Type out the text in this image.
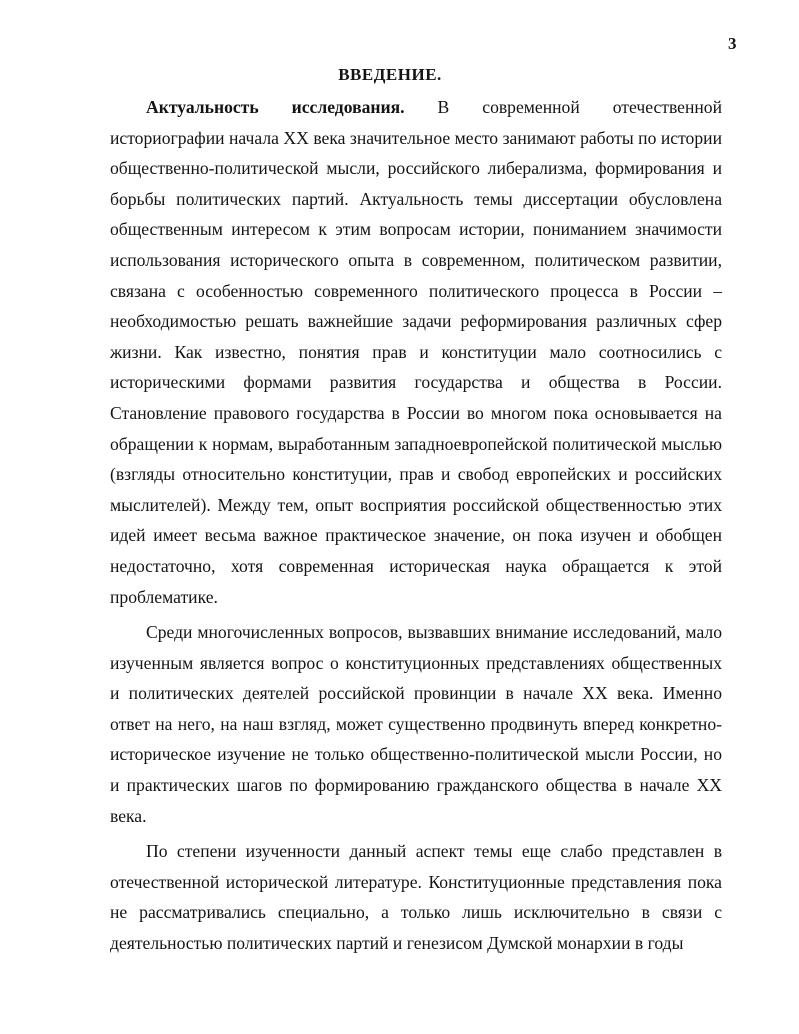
3
ВВЕДЕНИЕ.

Актуальность исследования. В современной отечественной историографии начала XX века значительное место занимают работы по истории общественно-политической мысли, российского либерализма, формирования и борьбы политических партий. Актуальность темы диссертации обусловлена общественным интересом к этим вопросам истории, пониманием значимости использования исторического опыта в современном, политическом развитии, связана с особенностью современного политического процесса в России – необходимостью решать важнейшие задачи реформирования различных сфер жизни. Как известно, понятия прав и конституции мало соотносились с историческими формами развития государства и общества в России. Становление правового государства в России во многом пока основывается на обращении к нормам, выработанным западноевропейской политической мыслью (взгляды относительно конституции, прав и свобод европейских и российских мыслителей). Между тем, опыт восприятия российской общественностью этих идей имеет весьма важное практическое значение, он пока изучен и обобщен недостаточно, хотя современная историческая наука обращается к этой проблематике.

Среди многочисленных вопросов, вызвавших внимание исследований, мало изученным является вопрос о конституционных представлениях общественных и политических деятелей российской провинции в начале XX века. Именно ответ на него, на наш взгляд, может существенно продвинуть вперед конкретно-историческое изучение не только общественно-политической мысли России, но и практических шагов по формированию гражданского общества в начале XX века.

По степени изученности данный аспект темы еще слабо представлен в отечественной исторической литературе. Конституционные представления пока не рассматривались специально, а только лишь исключительно в связи с деятельностью политических партий и генезисом Думской монархии в годы
